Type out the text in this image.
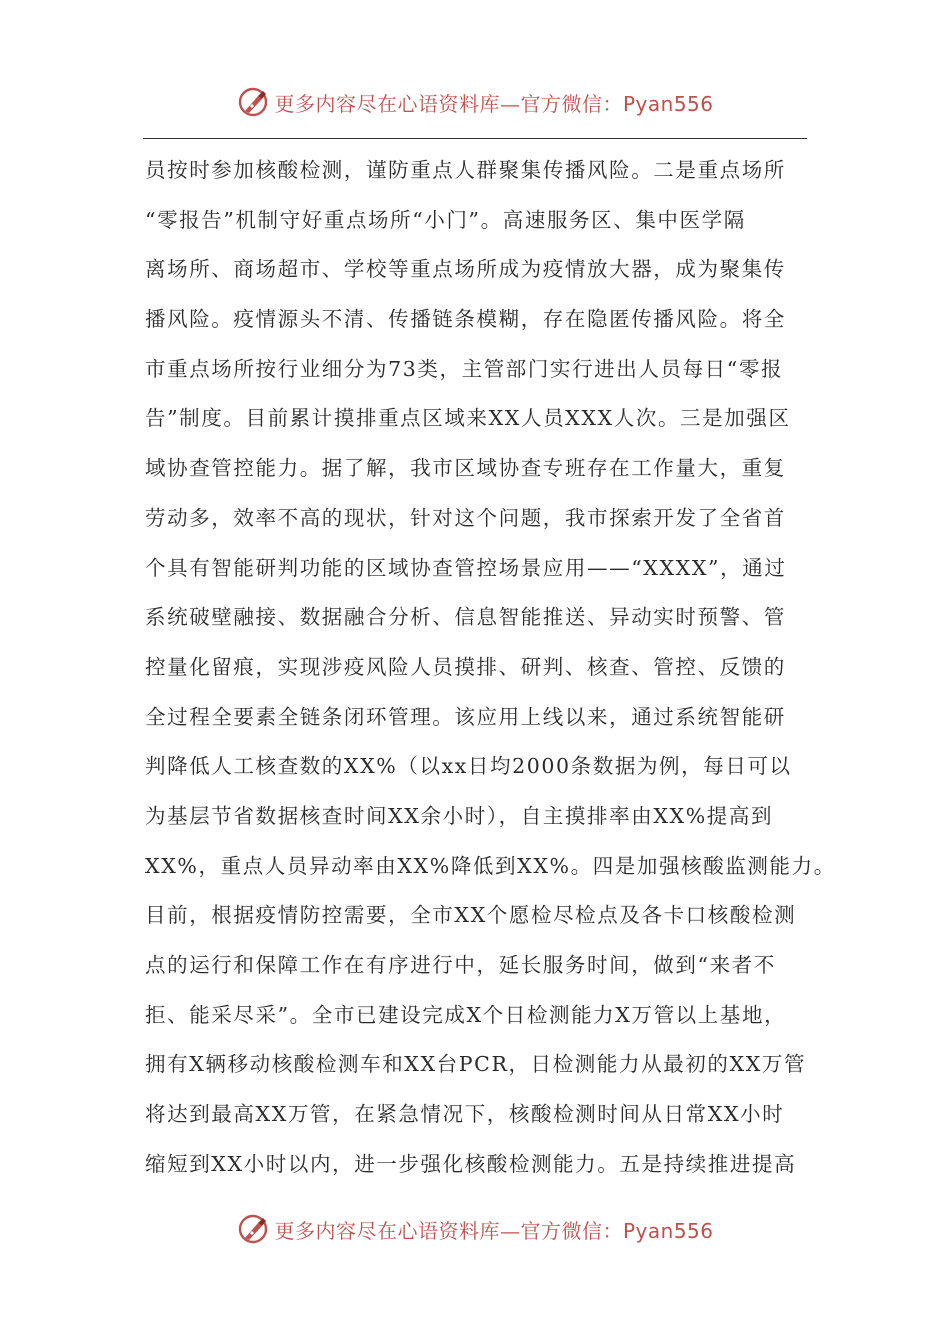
更多内容尽在心语资料库—官方微信：Pyan556
员按时参加核酸检测，谨防重点人群聚集传播风险。二是重点场所
“零报告”机制守好重点场所“小门”。高速服务区、集中医学隔
离场所、商场超市、学校等重点场所成为疫情放大器，成为聚集传
播风险。疫情源头不清、传播链条模糊，存在隐匿传播风险。将全
市重点场所按行业细分为73类，主管部门实行进出人员每日“零报
告”制度。目前累计摸排重点区域来XX人员XXX人次。三是加强区
域协查管控能力。据了解，我市区域协查专班存在工作量大，重复
劳动多，效率不高的现状，针对这个问题，我市探索开发了全省首
个具有智能研判功能的区域协查管控场景应用——“XXXX”，通过
系统破壁融接、数据融合分析、信息智能推送、异动实时预警、管
控量化留痕，实现涉疫风险人员摸排、研判、核查、管控、反馈的
全过程全要素全链条闭环管理。该应用上线以来，通过系统智能研
判降低人工核查数的XX%（以xx日均2000条数据为例，每日可以
为基层节省数据核查时间XX余小时），自主摸排率由XX%提高到
XX%，重点人员异动率由XX%降低到XX%。四是加强核酸监测能力。
目前，根据疫情防控需要，全市XX个愿检尽检点及各卡口核酸检测
点的运行和保障工作在有序进行中，延长服务时间，做到“来者不
拒、能采尽采”。全市已建设完成X个日检测能力X万管以上基地，
拥有X辆移动核酸检测车和XX台PCR，日检测能力从最初的XX万管
将达到最高XX万管，在紧急情况下，核酸检测时间从日常XX小时
缩短到XX小时以内，进一步强化核酸检测能力。五是持续推进提高
更多内容尽在心语资料库—官方微信：Pyan556
